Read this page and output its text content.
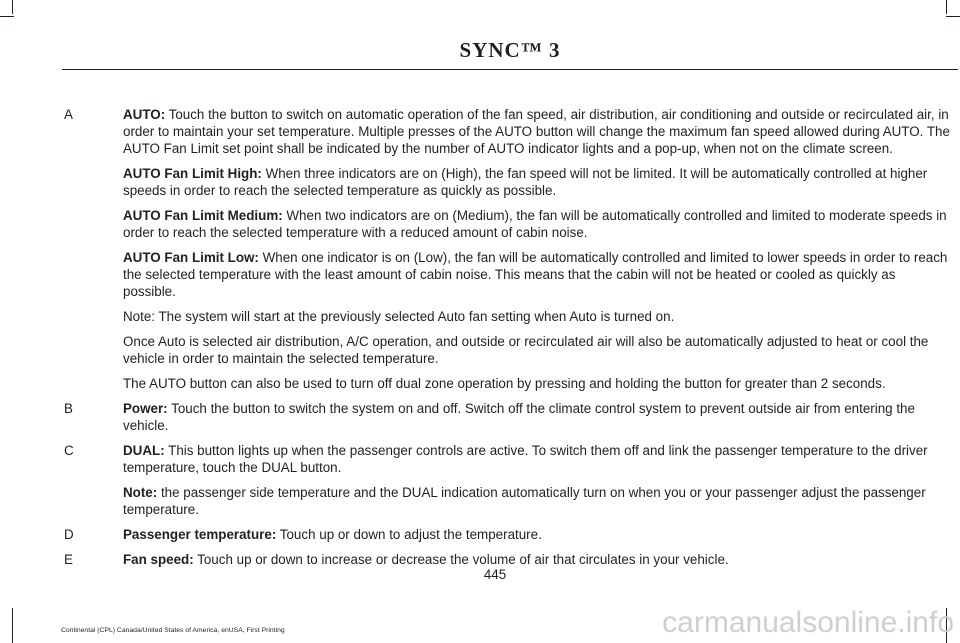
SYNC™ 3
A	AUTO: Touch the button to switch on automatic operation of the fan speed, air distribution, air conditioning and outside or recirculated air, in order to maintain your set temperature. Multiple presses of the AUTO button will change the maximum fan speed allowed during AUTO. The AUTO Fan Limit set point shall be indicated by the number of AUTO indicator lights and a pop-up, when not on the climate screen.

AUTO Fan Limit High: When three indicators are on (High), the fan speed will not be limited. It will be automatically controlled at higher speeds in order to reach the selected temperature as quickly as possible.

AUTO Fan Limit Medium: When two indicators are on (Medium), the fan will be automatically controlled and limited to moderate speeds in order to reach the selected temperature with a reduced amount of cabin noise.

AUTO Fan Limit Low: When one indicator is on (Low), the fan will be automatically controlled and limited to lower speeds in order to reach the selected temperature with the least amount of cabin noise. This means that the cabin will not be heated or cooled as quickly as possible.

Note: The system will start at the previously selected Auto fan setting when Auto is turned on.

Once Auto is selected air distribution, A/C operation, and outside or recirculated air will also be automatically adjusted to heat or cool the vehicle in order to maintain the selected temperature.

The AUTO button can also be used to turn off dual zone operation by pressing and holding the button for greater than 2 seconds.

B	Power: Touch the button to switch the system on and off. Switch off the climate control system to prevent outside air from entering the vehicle.

C	DUAL: This button lights up when the passenger controls are active. To switch them off and link the passenger temperature to the driver temperature, touch the DUAL button.

Note: the passenger side temperature and the DUAL indication automatically turn on when you or your passenger adjust the passenger temperature.

D	Passenger temperature: Touch up or down to adjust the temperature.

E	Fan speed: Touch up or down to increase or decrease the volume of air that circulates in your vehicle.

445
Continental (CPL) Canada/United States of America, enUSA, First Printing	carmanualsonline.info
